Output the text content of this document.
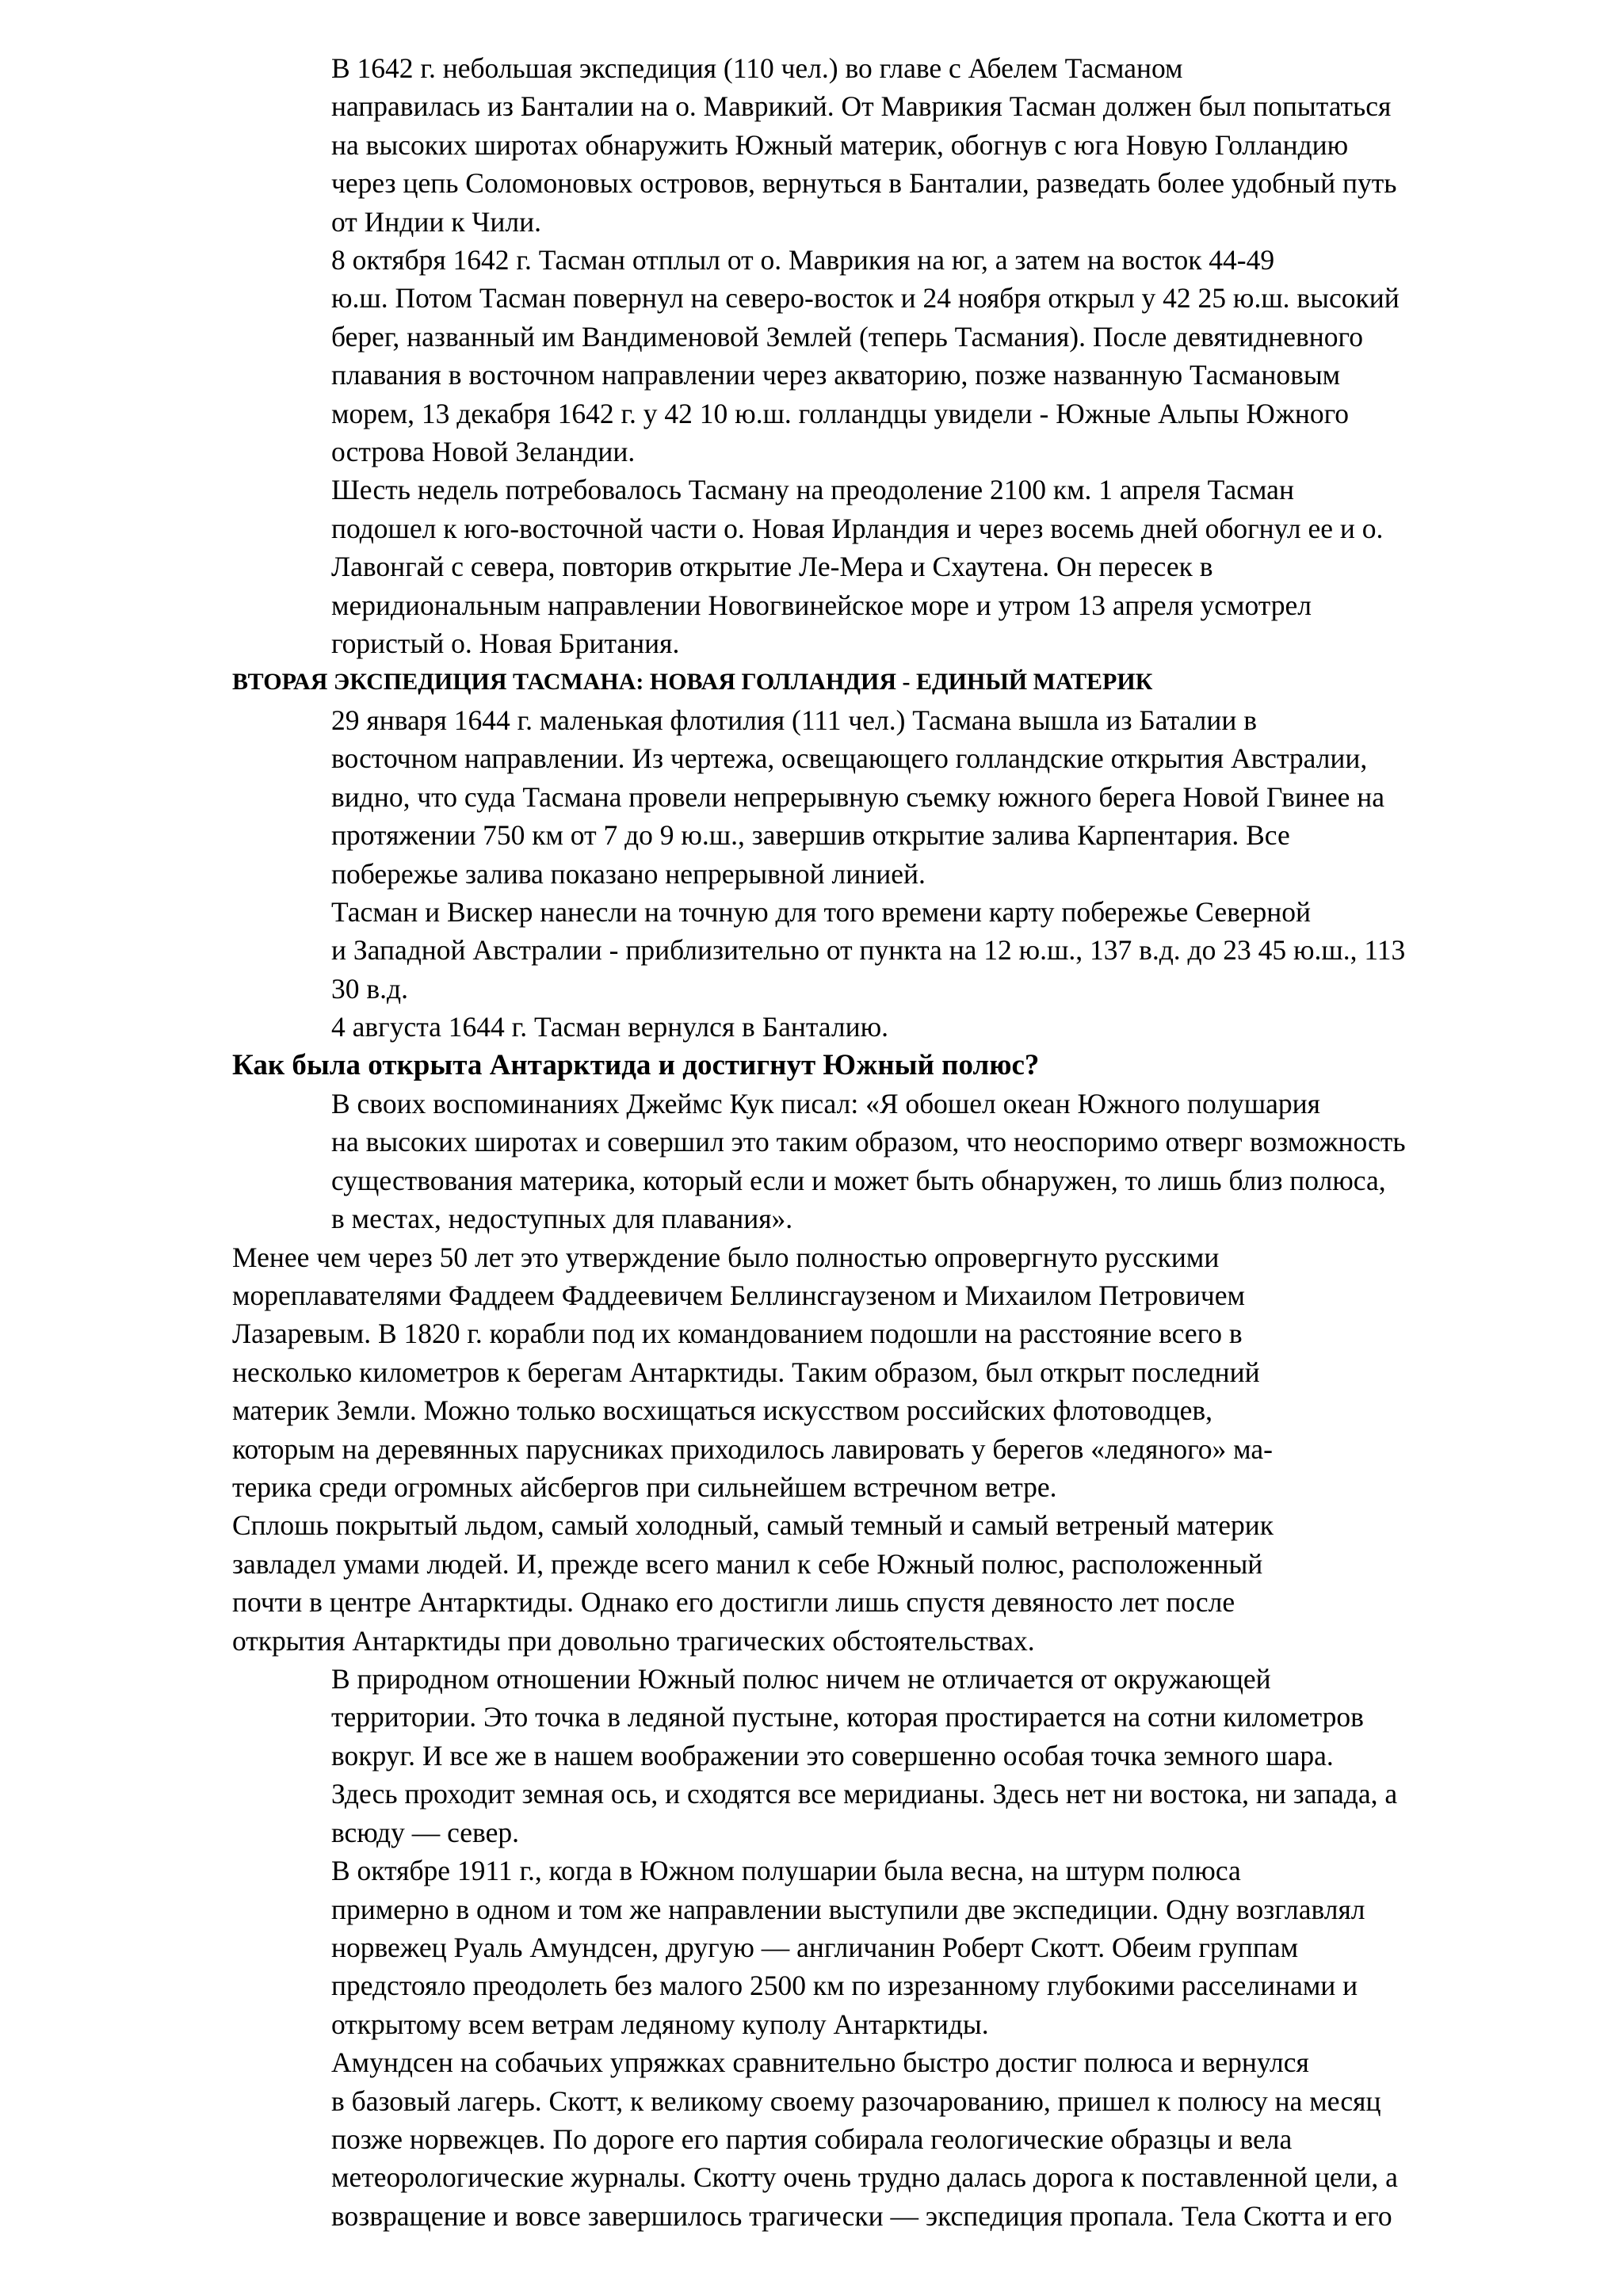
В 1642 г. небольшая экспедиция (110 чел.) во главе с Абелем Тасманом
направилась из Банталии на о. Маврикий. От Маврикия Тасман должен был попытаться
на высоких широтах обнаружить Южный материк, обогнув с юга Новую Голландию
через цепь Соломоновых островов, вернуться в Банталии, разведать более удобный путь
от Индии к Чили.

8 октября 1642 г. Тасман отплыл от о. Маврикия на юг, а затем на восток 44-49
ю.ш. Потом Тасман повернул на северо-восток и 24 ноября открыл у 42 25 ю.ш. высокий
берег, названный им Вандименовой Землей (теперь Тасмания). После девятидневного
плавания в восточном направлении через акваторию, позже названную Тасмановым
морем, 13 декабря 1642 г. у 42 10 ю.ш. голландцы увидели - Южные Альпы Южного
острова Новой Зеландии.

Шесть недель потребовалось Тасману на преодоление 2100 км. 1 апреля Тасман
подошел к юго-восточной части о. Новая Ирландия и через восемь дней обогнул ее и о.
Лавонгай с севера, повторив открытие Ле-Мера и Схаутена. Он пересек в
меридиональным направлении Новогвинейское море и утром 13 апреля усмотрел
гористый о. Новая Британия.

ВТОРАЯ ЭКСПЕДИЦИЯ ТАСМАНА: НОВАЯ ГОЛЛАНДИЯ - ЕДИНЫЙ МАТЕРИК

29 января 1644 г. маленькая флотилия (111 чел.) Тасмана вышла из Баталии в
восточном направлении. Из чертежа, освещающего голландские открытия Австралии,
видно, что суда Тасмана провели непрерывную съемку южного берега Новой Гвинее на
протяжении 750 км от 7 до 9 ю.ш., завершив открытие залива Карпентария. Все
побережье залива показано непрерывной линией.

Тасман и Вискер нанесли на точную для того времени карту побережье Северной
и Западной Австралии - приблизительно от пункта на 12 ю.ш., 137 в.д. до 23 45 ю.ш., 113
30 в.д.

4 августа 1644 г. Тасман вернулся в Банталию.

Как была открыта Антарктида и достигнут Южный полюс?

В своих воспоминаниях Джеймс Кук писал: «Я обошел океан Южного полушария
на высоких широтах и совершил это таким образом, что неоспоримо отверг возможность
существования материка, который если и может быть обнаружен, то лишь близ полюса,
в местах, недоступных для плавания».

Менее чем через 50 лет это утверждение было полностью опровергнуто русскими
мореплавателями Фаддеем Фаддеевичем Беллинсгаузеном и Михаилом Петровичем
Лазаревым. В 1820 г. корабли под их командованием подошли на расстояние всего в
несколько километров к берегам Антарктиды. Таким образом, был открыт последний
материк Земли. Можно только восхищаться искусством российских флотоводцев,
которым на деревянных парусниках приходилось лавировать у берегов «ледяного» ма-
терика среди огромных айсбергов при сильнейшем встречном ветре.

Сплошь покрытый льдом, самый холодный, самый темный и самый ветреный материк
завладел умами людей. И, прежде всего манил к себе Южный полюс, расположенный
почти в центре Антарктиды. Однако его достигли лишь спустя девяносто лет после
открытия Антарктиды при довольно трагических обстоятельствах.

В природном отношении Южный полюс ничем не отличается от окружающей
территории. Это точка в ледяной пустыне, которая простирается на сотни километров
вокруг. И все же в нашем воображении это совершенно особая точка земного шара.
Здесь проходит земная ось, и сходятся все меридианы. Здесь нет ни востока, ни запада, а
всюду — север.

В октябре 1911 г., когда в Южном полушарии была весна, на штурм полюса
примерно в одном и том же направлении выступили две экспедиции. Одну возглавлял
норвежец Руаль Амундсен, другую — англичанин Роберт Скотт. Обеим группам
предстояло преодолеть без малого 2500 км по изрезанному глубокими расселинами и
открытому всем ветрам ледяному куполу Антарктиды.

Амундсен на собачьих упряжках сравнительно быстро достиг полюса и вернулся
в базовый лагерь. Скотт, к великому своему разочарованию, пришел к полюсу на месяц
позже норвежцев. По дороге его партия собирала геологические образцы и вела
метеорологические журналы. Скотту очень трудно далась дорога к поставленной цели, а
возвращение и вовсе завершилось трагически — экспедиция пропала. Тела Скотта и его
